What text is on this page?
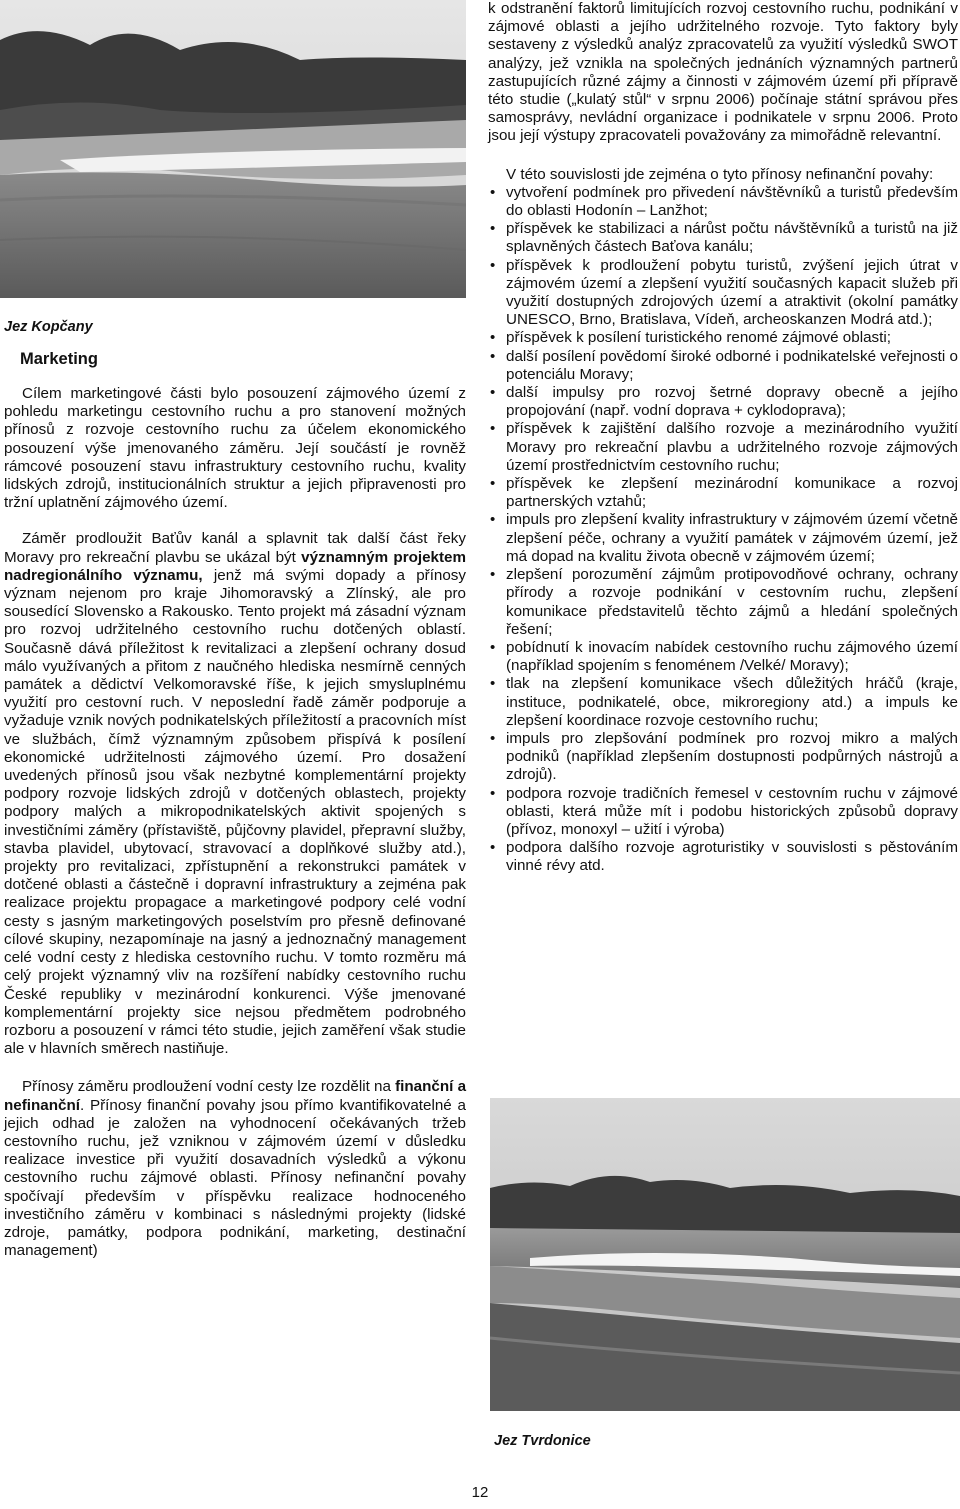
Jez Kopčany
Marketing

Cílem marketingové části bylo posouzení zájmového území z pohledu marketingu cestovního ruchu a pro stanovení možných přínosů z rozvoje cestovního ruchu za účelem ekonomického posouzení výše jmenovaného záměru. Její součástí je rovněž rámcové posouzení stavu infrastruktury cestovního ruchu, kvality lidských zdrojů, institucionálních struktur a jejich připravenosti pro tržní uplatnění zájmového území.

Záměr prodloužit Baťův kanál a splavnit tak další část řeky Moravy pro rekreační plavbu se ukázal být významným projektem nadregionálního významu, jenž má svými dopady a přínosy význam nejenom pro kraje Jihomoravský a Zlínský, ale pro sousedící Slovensko a Rakousko. Tento projekt má zásadní význam pro rozvoj udržitelného cestovního ruchu dotčených oblastí. Současně dává příležitost k revitalizaci a zlepšení ochrany dosud málo využívaných a přitom z naučného hlediska nesmírně cenných památek a dědictví Velkomoravské říše, k jejich smysluplnému využití pro cestovní ruch. V neposlední řadě záměr podporuje a vyžaduje vznik nových podnikatelských příležitostí a pracovních míst ve službách, čímž významným způsobem přispívá k posílení ekonomické udržitelnosti zájmového území. Pro dosažení uvedených přínosů jsou však nezbytné komplementární projekty podpory rozvoje lidských zdrojů v dotčených oblastech, projekty podpory malých a mikropodnikatelských aktivit spojených s investičními záměry (přístaviště, půjčovny plavidel, přepravní služby, stavba plavidel, ubytovací, stravovací a doplňkové služby atd.), projekty pro revitalizaci, zpřístupnění a rekonstrukci památek v dotčené oblasti a částečně i dopravní infrastruktury a zejména pak realizace projektu propagace a marketingové podpory celé vodní cesty s jasným marketingových poselstvím pro přesně definované cílové skupiny, nezapomínaje na jasný a jednoznačný management celé vodní cesty z hlediska cestovního ruchu. V tomto rozměru má celý projekt významný vliv na rozšíření nabídky cestovního ruchu České republiky v mezinárodní konkurenci. Výše jmenované komplementární projekty sice nejsou předmětem podrobného rozboru a posouzení v rámci této studie, jejich zaměření však studie ale v hlavních směrech nastiňuje.

Přínosy záměru prodloužení vodní cesty lze rozdělit na finanční a nefinanční. Přínosy finanční povahy jsou přímo kvantifikovatelné a jejich odhad je založen na vyhodnocení očekávaných tržeb cestovního ruchu, jež vzniknou v zájmovém území v důsledku realizace investice při využití dosavadních výsledků a výkonu cestovního ruchu zájmové oblasti. Přínosy nefinanční povahy spočívají především v příspěvku realizace hodnoceného investičního záměru v kombinaci s následnými projekty (lidské zdroje, památky, podpora podnikání, marketing, destinační management)

k odstranění faktorů limitujících rozvoj cestovního ruchu, podnikání v zájmové oblasti a jejího udržitelného rozvoje. Tyto faktory byly sestaveny z výsledků analýz zpracovatelů za využití výsledků SWOT analýzy, jež vznikla na společných jednáních významných partnerů zastupujících různé zájmy a činnosti v zájmovém území při přípravě této studie („kulatý stůl“ v srpnu 2006) počínaje státní správou přes samosprávy, nevládní organizace i podnikatele v srpnu 2006. Proto jsou její výstupy zpracovateli považovány za mimořádně relevantní.

V této souvislosti jde zejména o tyto přínosy nefinanční povahy:

• vytvoření podmínek pro přivedení návštěvníků a turistů především do oblasti Hodonín – Lanžhot;
• příspěvek ke stabilizaci a nárůst počtu návštěvníků a turistů na již splavněných částech Baťova kanálu;
• příspěvek k prodloužení pobytu turistů, zvýšení jejich útrat v zájmovém území a zlepšení využití současných kapacit služeb při využití dostupných zdrojových území a atraktivit (okolní památky UNESCO, Brno, Bratislava, Vídeň, archeoskanzen Modrá atd.);
• příspěvek k posílení turistického renomé zájmové oblasti;
• další posílení povědomí široké odborné i podnikatelské veřejnosti o potenciálu Moravy;
• další impulsy pro rozvoj šetrné dopravy obecně a jejího propojování (např. vodní doprava + cyklodoprava);
• příspěvek k zajištění dalšího rozvoje a mezinárodního využití Moravy pro rekreační plavbu a udržitelného rozvoje zájmových území prostřednictvím cestovního ruchu;
• příspěvek ke zlepšení mezinárodní komunikace a rozvoj partnerských vztahů;
• impuls pro zlepšení kvality infrastruktury v zájmovém území včetně zlepšení péče, ochrany a využití památek v zájmovém území, jež má dopad na kvalitu života obecně v zájmovém území;
• zlepšení porozumění zájmům protipovodňové ochrany, ochrany přírody a rozvoje podnikání v cestovním ruchu, zlepšení komunikace představitelů těchto zájmů a hledání společných řešení;
• pobídnutí k inovacím nabídek cestovního ruchu zájmového území (například spojením s fenoménem /Velké/ Moravy);
• tlak na zlepšení komunikace všech důležitých hráčů (kraje, instituce, podnikatelé, obce, mikroregiony atd.) a impuls ke zlepšení koordinace rozvoje cestovního ruchu;
• impuls pro zlepšování podmínek pro rozvoj mikro a malých podniků (například zlepšením dostupnosti podpůrných nástrojů a zdrojů).
• podpora rozvoje tradičních řemesel v cestovním ruchu v zájmové oblasti, která může mít i podobu historických způsobů dopravy (přívoz, monoxyl – užití i výroba)
• podpora dalšího rozvoje agroturistiky v souvislosti s pěstováním vinné révy atd.
Jez Tvrdonice
12
